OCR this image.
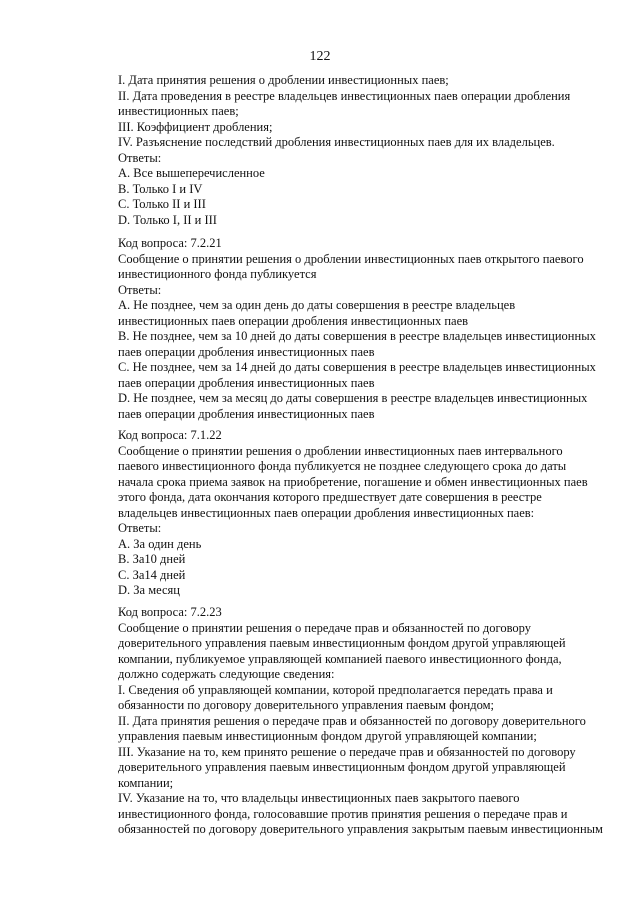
122
I. Дата принятия решения о дроблении инвестиционных паев;
II. Дата проведения в реестре владельцев инвестиционных паев операции дробления
инвестиционных паев;
III. Коэффициент дробления;
IV. Разъяснение последствий дробления инвестиционных паев для их владельцев.
Ответы:
A. Все вышеперечисленное
B. Только I и IV
C. Только II и III
D. Только I, II и III
Код вопроса: 7.2.21
Сообщение о принятии решения о дроблении инвестиционных паев открытого паевого
инвестиционного фонда публикуется
Ответы:
A. Не позднее, чем за один день до даты совершения в реестре владельцев
инвестиционных паев операции дробления инвестиционных паев
B. Не позднее, чем за 10 дней до даты совершения в реестре владельцев инвестиционных
паев операции дробления инвестиционных паев
C. Не позднее, чем за 14 дней до даты совершения в реестре владельцев инвестиционных
паев операции дробления инвестиционных паев
D. Не позднее, чем за месяц до даты совершения в реестре владельцев инвестиционных
паев операции дробления инвестиционных паев
Код вопроса: 7.1.22
Сообщение о принятии решения о дроблении инвестиционных паев интервального
паевого инвестиционного фонда публикуется не позднее следующего срока до даты
начала срока приема заявок на приобретение, погашение и обмен инвестиционных паев
этого фонда, дата окончания которого предшествует дате совершения в реестре
владельцев инвестиционных паев операции дробления инвестиционных паев:
Ответы:
A. За один день
B. За10 дней
C. За14 дней
D. За месяц
Код вопроса: 7.2.23
Сообщение о принятии решения о передаче прав и обязанностей по договору
доверительного управления паевым инвестиционным фондом другой управляющей
компании, публикуемое управляющей компанией паевого инвестиционного фонда,
должно содержать следующие сведения:
I. Сведения об управляющей компании, которой предполагается передать права и
обязанности по договору доверительного управления паевым фондом;
II. Дата принятия решения о передаче прав и обязанностей по договору доверительного
управления паевым инвестиционным фондом другой управляющей компании;
III. Указание на то, кем принято решение о передаче прав и обязанностей по договору
доверительного управления паевым инвестиционным фондом другой управляющей
компании;
IV. Указание на то, что владельцы инвестиционных паев закрытого паевого
инвестиционного фонда, голосовавшие против принятия решения о передаче прав и
обязанностей по договору доверительного управления закрытым паевым инвестиционным
